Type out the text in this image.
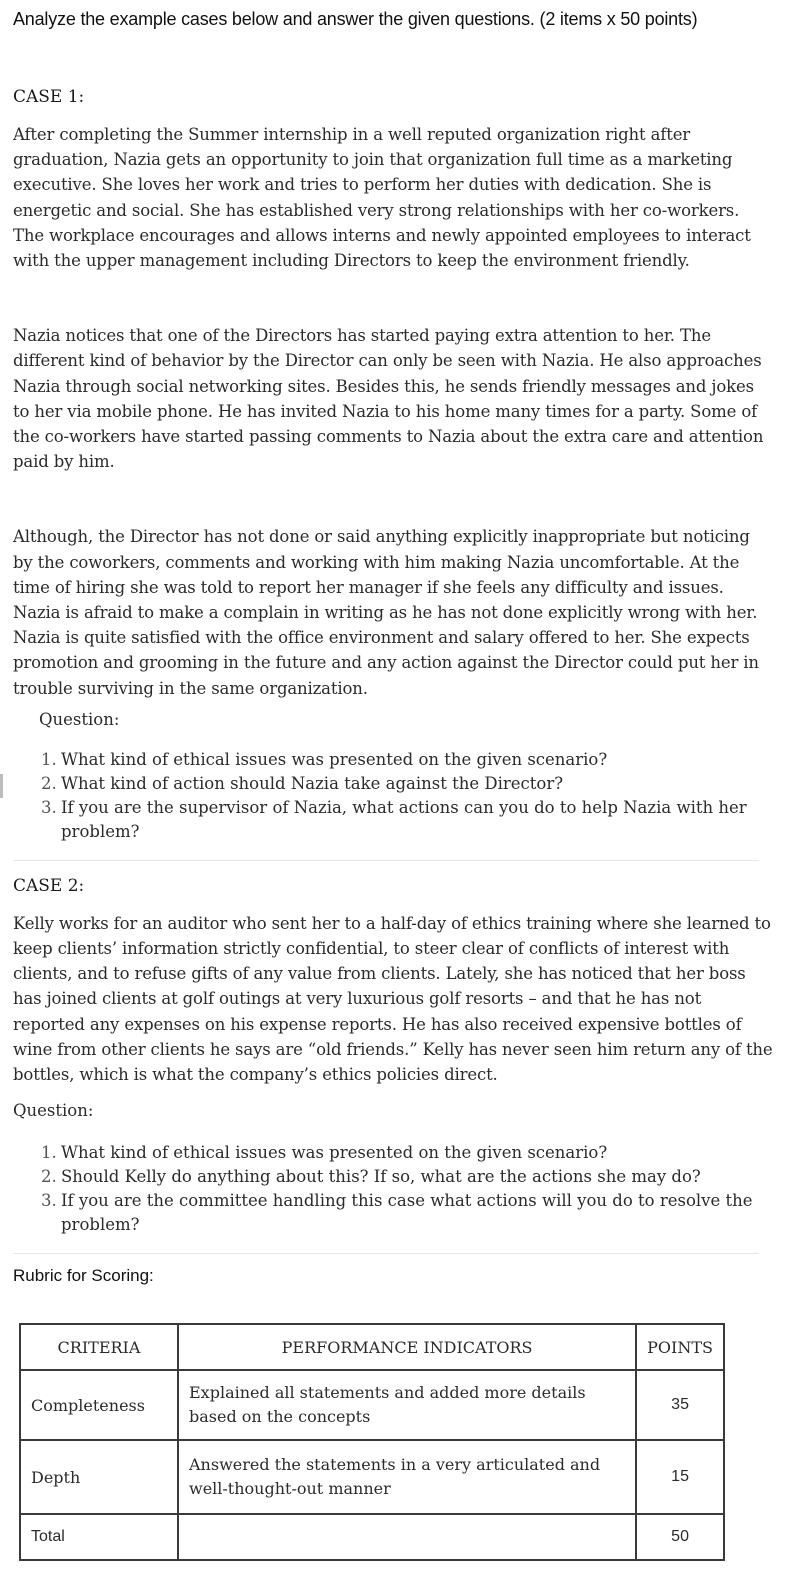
Analyze the example cases below and answer the given questions. (2 items x 50 points)

CASE 1:

After completing the Summer internship in a well reputed organization right after graduation, Nazia gets an opportunity to join that organization full time as a marketing executive. She loves her work and tries to perform her duties with dedication. She is energetic and social. She has established very strong relationships with her co-workers. The workplace encourages and allows interns and newly appointed employees to interact with the upper management including Directors to keep the environment friendly.

Nazia notices that one of the Directors has started paying extra attention to her. The different kind of behavior by the Director can only be seen with Nazia. He also approaches Nazia through social networking sites. Besides this, he sends friendly messages and jokes to her via mobile phone. He has invited Nazia to his home many times for a party. Some of the co-workers have started passing comments to Nazia about the extra care and attention paid by him.

Although, the Director has not done or said anything explicitly inappropriate but noticing by the coworkers, comments and working with him making Nazia uncomfortable. At the time of hiring she was told to report her manager if she feels any difficulty and issues. Nazia is afraid to make a complain in writing as he has not done explicitly wrong with her. Nazia is quite satisfied with the office environment and salary offered to her. She expects promotion and grooming in the future and any action against the Director could put her in trouble surviving in the same organization.

Question:

1. What kind of ethical issues was presented on the given scenario?
2. What kind of action should Nazia take against the Director?
3. If you are the supervisor of Nazia, what actions can you do to help Nazia with her problem?

CASE 2:

Kelly works for an auditor who sent her to a half-day of ethics training where she learned to keep clients’ information strictly confidential, to steer clear of conflicts of interest with clients, and to refuse gifts of any value from clients. Lately, she has noticed that her boss has joined clients at golf outings at very luxurious golf resorts – and that he has not reported any expenses on his expense reports. He has also received expensive bottles of wine from other clients he says are “old friends.” Kelly has never seen him return any of the bottles, which is what the company’s ethics policies direct.

Question:

1. What kind of ethical issues was presented on the given scenario?
2. Should Kelly do anything about this? If so, what are the actions she may do?
3. If you are the committee handling this case what actions will you do to resolve the problem?

Rubric for Scoring:

CRITERIA	PERFORMANCE INDICATORS	POINTS
Completeness	Explained all statements and added more details based on the concepts	35
Depth	Answered the statements in a very articulated and well-thought-out manner	15
Total		50
